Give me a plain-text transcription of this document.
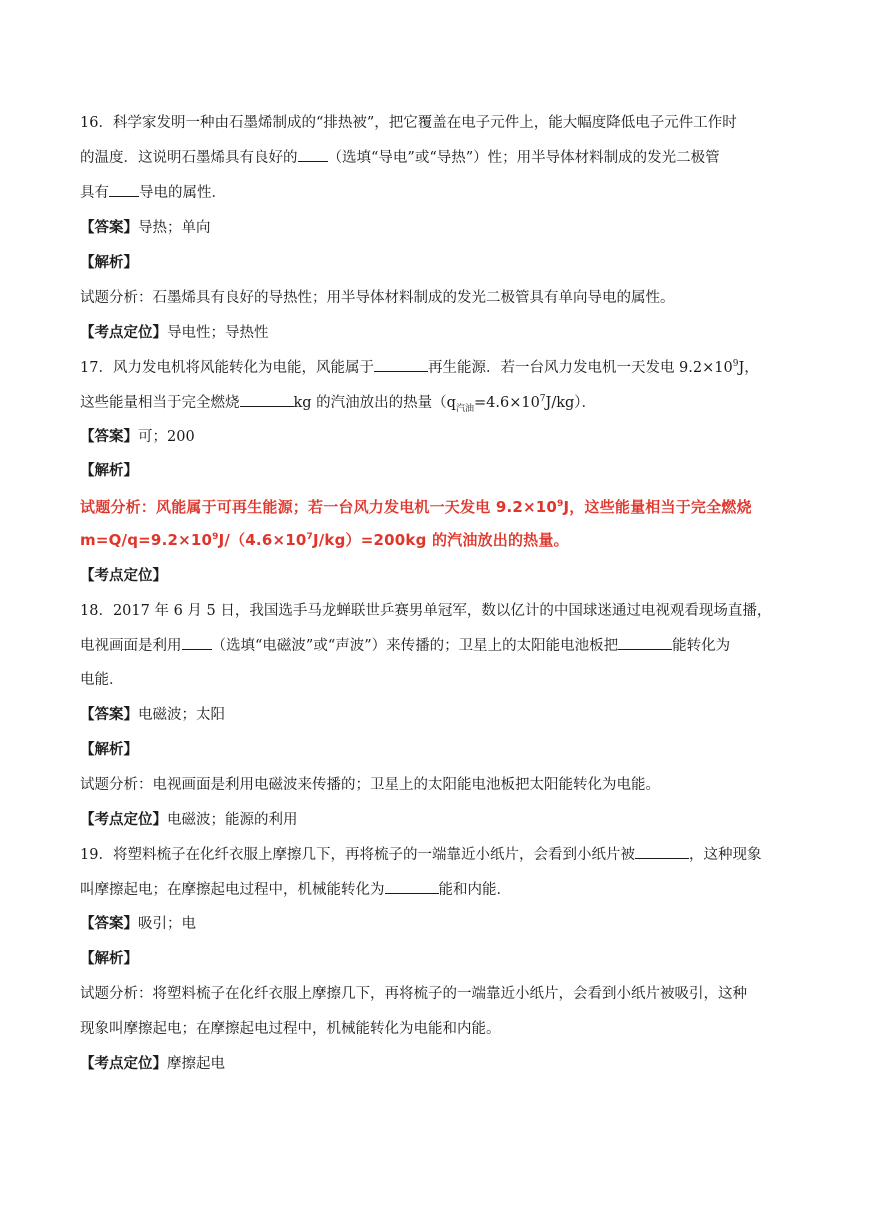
16．科学家发明一种由石墨烯制成的“排热被”，把它覆盖在电子元件上，能大幅度降低电子元件工作时
的温度．这说明石墨烯具有良好的 （选填“导电”或“导热”）性；用半导体材料制成的发光二极管
具有 导电的属性．
【答案】导热；单向
【解析】
试题分析：石墨烯具有良好的导热性；用半导体材料制成的发光二极管具有单向导电的属性。
【考点定位】导电性；导热性
17．风力发电机将风能转化为电能，风能属于	再生能源．若一台风力发电机一天发电 $9.2\times 10^9J$，
这些能量相当于完全燃烧	kg 的汽油放出的热量$(q_{汽油}=4.6\times 10^7J/kg)$．
【答案】可；200
【解析】
试题分析：风能属于可再生能源；若一台风力发电机一天发电 $9.2\times 10^9J$，这些能量相当于完全燃烧
$m=Q/q=9.2\times 10^9J/(4.6\times 10^7J/kg)=200kg$ 的汽油放出的热量。
【考点定位】
18．2017 年 6 月 5 日，我国选手马龙蝉联世乒赛男单冠军，数以亿计的中国球迷通过电视观看现场直播，
电视画面是利用 （选填“电磁波”或“声波”）来传播的；卫星上的太阳能电池板把	能转化为
电能．
【答案】电磁波；太阳
【解析】
试题分析：电视画面是利用电磁波来传播的；卫星上的太阳能电池板把太阳能转化为电能。
【考点定位】电磁波；能源的利用
19．将塑料梳子在化纤衣服上摩擦几下，再将梳子的一端靠近小纸片，会看到小纸片被	，这种现象
叫摩擦起电；在摩擦起电过程中，机械能转化为	能和内能．
【答案】吸引；电
【解析】
试题分析：将塑料梳子在化纤衣服上摩擦几下，再将梳子的一端靠近小纸片，会看到小纸片被吸引，这种
现象叫摩擦起电；在摩擦起电过程中，机械能转化为电能和内能。
【考点定位】摩擦起电
